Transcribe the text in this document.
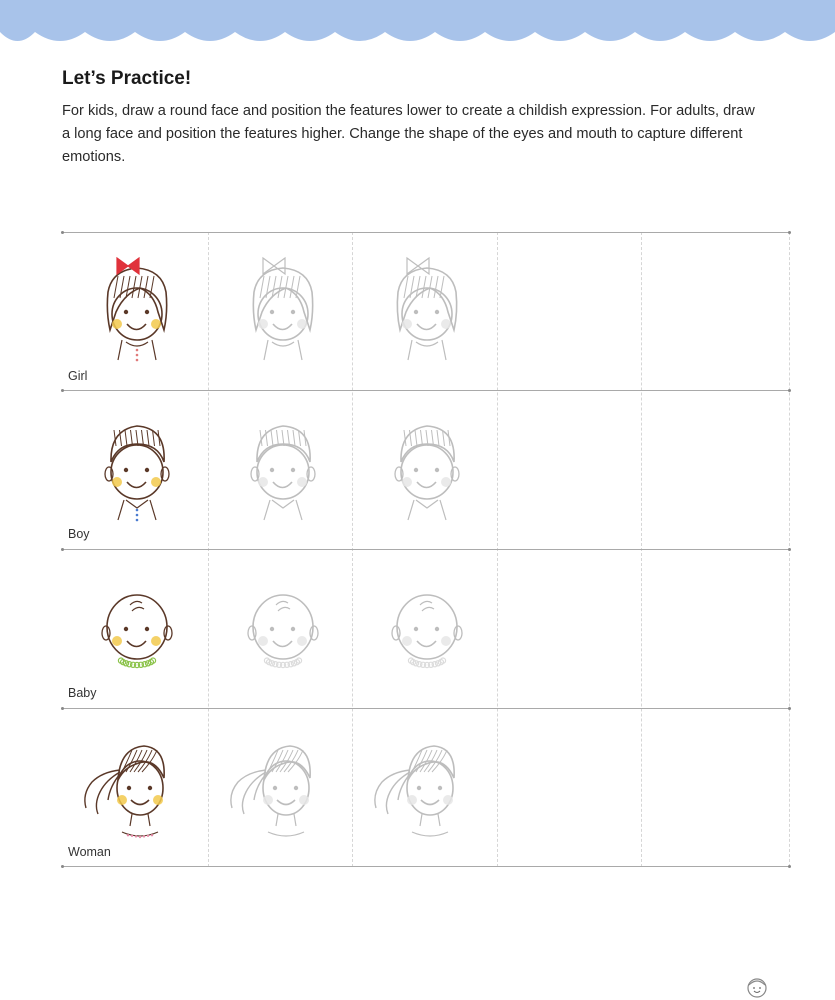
Let’s Practice!

For kids, draw a round face and position the features lower to create a childish expression. For adults, draw a long face and position the features higher. Change the shape of the eyes and mouth to capture different emotions.

Girl
Boy
Baby
Woman
